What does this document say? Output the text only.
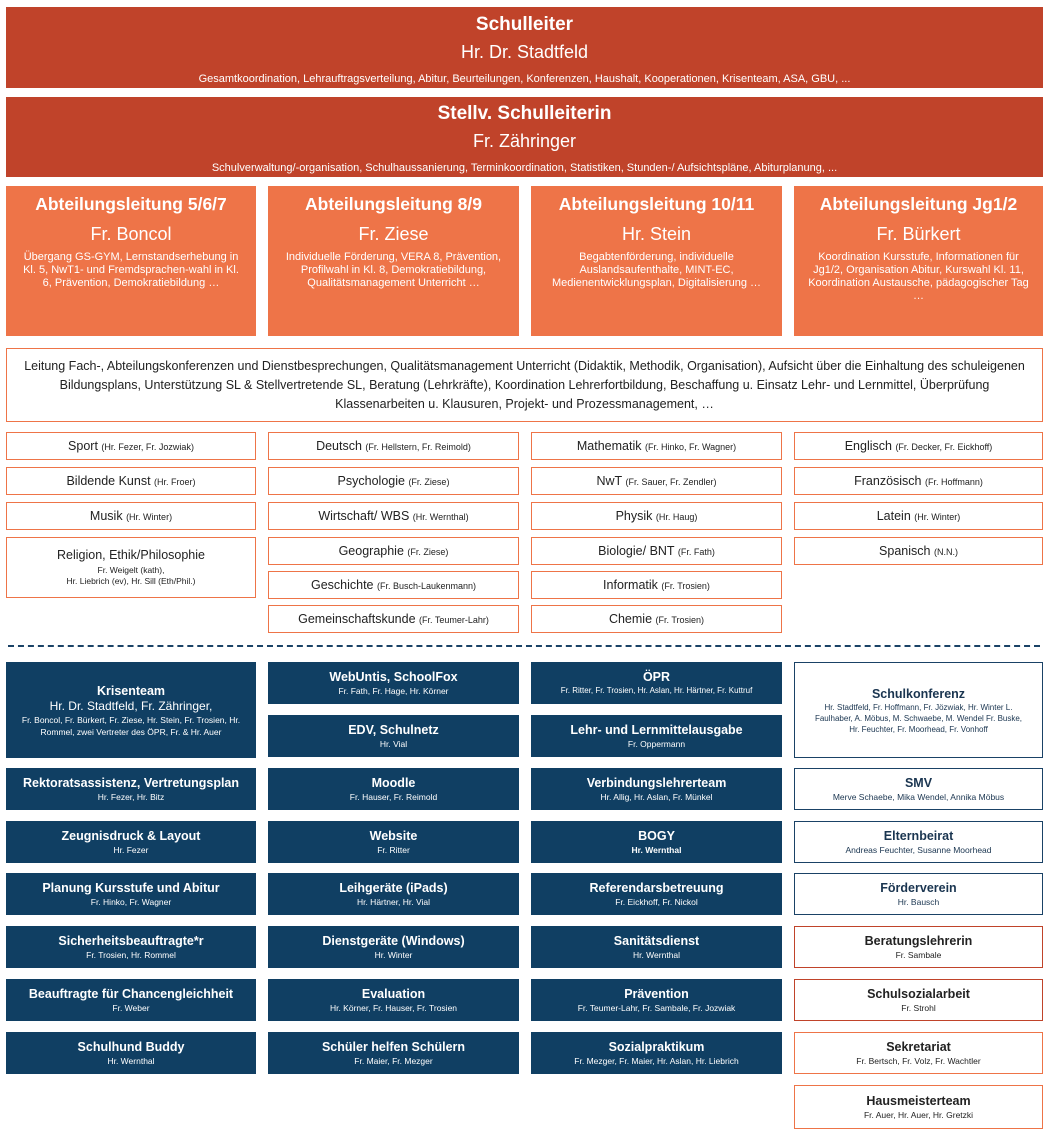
Schulleiter
Hr. Dr. Stadtfeld
Gesamtkoordination, Lehrauftragsverteilung, Abitur, Beurteilungen, Konferenzen, Haushalt, Kooperationen, Krisenteam, ASA, GBU, ...
Stellv. Schulleiterin
Fr. Zähringer
Schulverwaltung/-organisation, Schulhaussanierung, Terminkoordination, Statistiken, Stunden-/ Aufsichtspläne, Abiturplanung, ...
Abteilungsleitung 5/6/7
Fr. Boncol
Übergang GS-GYM, Lernstandserhebung in Kl. 5, NwT1- und Fremdsprachen-wahl in Kl. 6, Prävention, Demokratiebildung …
Abteilungsleitung 8/9
Fr. Ziese
Individuelle Förderung, VERA 8, Prävention, Profilwahl in Kl. 8, Demokratiebildung, Qualitätsmanagement Unterricht …
Abteilungsleitung 10/11
Hr. Stein
Begabtenförderung, individuelle Auslandsaufenthalte, MINT-EC, Medienentwicklungsplan, Digitalisierung …
Abteilungsleitung Jg1/2
Fr. Bürkert
Koordination Kursstufe, Informationen für Jg1/2, Organisation Abitur, Kurswahl Kl. 11, Koordination Austausche, pädagogischer Tag …
Leitung Fach-, Abteilungskonferenzen und Dienstbesprechungen, Qualitätsmanagement Unterricht (Didaktik, Methodik, Organisation), Aufsicht über die Einhaltung des schuleigenen Bildungsplans, Unterstützung SL & Stellvertretende SL, Beratung (Lehrkräfte), Koordination Lehrerfortbildung, Beschaffung u. Einsatz Lehr- und Lernmittel, Überprüfung Klassenarbeiten u. Klausuren, Projekt- und Prozessmanagement, …
Sport (Hr. Fezer, Fr. Jozwiak)
Bildende Kunst (Hr. Froer)
Musik (Hr. Winter)
Religion, Ethik/Philosophie
Fr. Weigelt (kath),
Hr. Liebrich (ev), Hr. Sill (Eth/Phil.)
Deutsch (Fr. Hellstern, Fr. Reimold)
Psychologie (Fr. Ziese)
Wirtschaft/ WBS (Hr. Wernthal)
Geographie (Fr. Ziese)
Geschichte (Fr. Busch-Laukenmann)
Gemeinschaftskunde (Fr. Teumer-Lahr)
Mathematik (Fr. Hinko, Fr. Wagner)
NwT (Fr. Sauer, Fr. Zendler)
Physik (Hr. Haug)
Biologie/ BNT (Fr. Fath)
Informatik (Fr. Trosien)
Chemie (Fr. Trosien)
Englisch (Fr. Decker, Fr. Eickhoff)
Französisch (Fr. Hoffmann)
Latein (Hr. Winter)
Spanisch (N.N.)
Krisenteam
Hr. Dr. Stadtfeld, Fr. Zähringer,
Fr. Boncol, Fr. Bürkert, Fr. Ziese, Hr. Stein, Fr. Trosien, Hr. Rommel, zwei Vertreter des ÖPR, Fr. & Hr. Auer
Rektoratsassistenz, Vertretungsplan
Hr. Fezer, Hr. Bitz
Zeugnisdruck & Layout
Hr. Fezer
Planung Kursstufe und Abitur
Fr. Hinko, Fr. Wagner
Sicherheitsbeauftragte*r
Fr. Trosien, Hr. Rommel
Beauftragte für Chancengleichheit
Fr. Weber
Schulhund Buddy
Hr. Wernthal
WebUntis, SchoolFox
Fr. Fath, Fr. Hage, Hr. Körner
EDV, Schulnetz
Hr. Vial
Moodle
Fr. Hauser, Fr. Reimold
Website
Fr. Ritter
Leihgeräte (iPads)
Hr. Härtner, Hr. Vial
Dienstgeräte (Windows)
Hr. Winter
Evaluation
Hr. Körner, Fr. Hauser, Fr. Trosien
Schüler helfen Schülern
Fr. Maier, Fr. Mezger
ÖPR
Fr. Ritter, Fr. Trosien, Hr. Aslan, Hr. Härtner, Fr. Kuttruf
Lehr- und Lernmittelausgabe
Fr. Oppermann
Verbindungslehrerteam
Hr. Allig, Hr. Aslan, Fr. Münkel
BOGY
Hr. Wernthal
Referendarsbetreuung
Fr. Eickhoff, Fr. Nickol
Sanitätsdienst
Hr. Wernthal
Prävention
Fr. Teumer-Lahr, Fr. Sambale, Fr. Jozwiak
Sozialpraktikum
Fr. Mezger, Fr. Maier, Hr. Aslan, Hr. Liebrich
Schulkonferenz
Hr. Stadtfeld, Fr. Hoffmann, Fr. Jözwiak, Hr. Winter L. Faulhaber, A. Möbus, M. Schwaebe, M. Wendel Fr. Buske, Hr. Feuchter, Fr. Moorhead, Fr. Vonhoff
SMV
Merve Schaebe, Mika Wendel, Annika Möbus
Elternbeirat
Andreas Feuchter, Susanne Moorhead
Förderverein
Hr. Bausch
Beratungslehrerin
Fr. Sambale
Schulsozialarbeit
Fr. Strohl
Sekretariat
Fr. Bertsch, Fr. Volz, Fr. Wachtler
Hausmeisterteam
Fr. Auer, Hr. Auer, Hr. Gretzki
